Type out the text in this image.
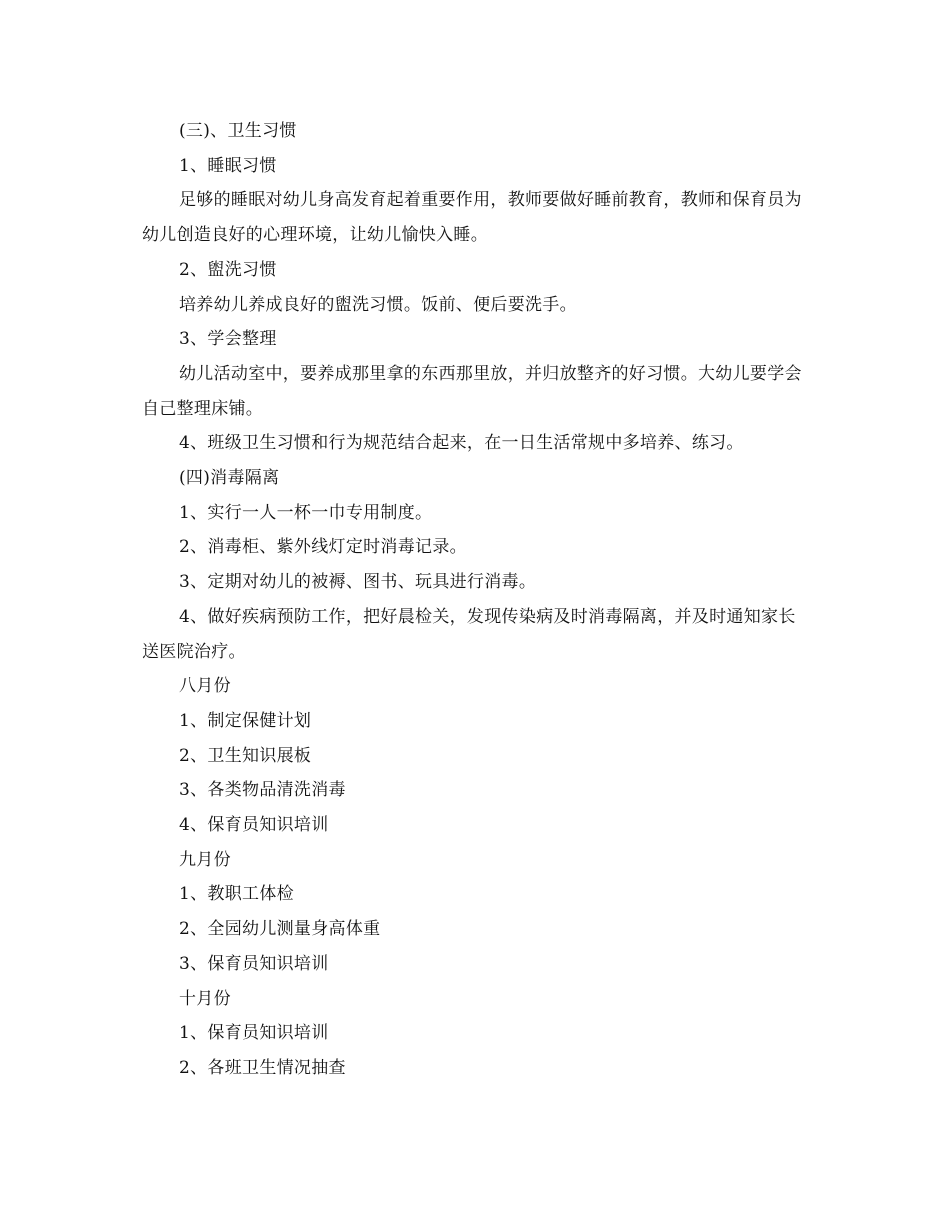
(三)、卫生习惯

1、睡眠习惯

足够的睡眠对幼儿身高发育起着重要作用，教师要做好睡前教育，教师和保育员为幼儿创造良好的心理环境，让幼儿愉快入睡。

2、盥洗习惯

培养幼儿养成良好的盥洗习惯。饭前、便后要洗手。

3、学会整理

幼儿活动室中，要养成那里拿的东西那里放，并归放整齐的好习惯。大幼儿要学会自己整理床铺。

4、班级卫生习惯和行为规范结合起来，在一日生活常规中多培养、练习。

(四)消毒隔离

1、实行一人一杯一巾专用制度。

2、消毒柜、紫外线灯定时消毒记录。

3、定期对幼儿的被褥、图书、玩具进行消毒。

4、做好疾病预防工作，把好晨检关，发现传染病及时消毒隔离，并及时通知家长送医院治疗。

八月份

1、制定保健计划

2、卫生知识展板

3、各类物品清洗消毒

4、保育员知识培训

九月份

1、教职工体检

2、全园幼儿测量身高体重

3、保育员知识培训

十月份

1、保育员知识培训

2、各班卫生情况抽查
